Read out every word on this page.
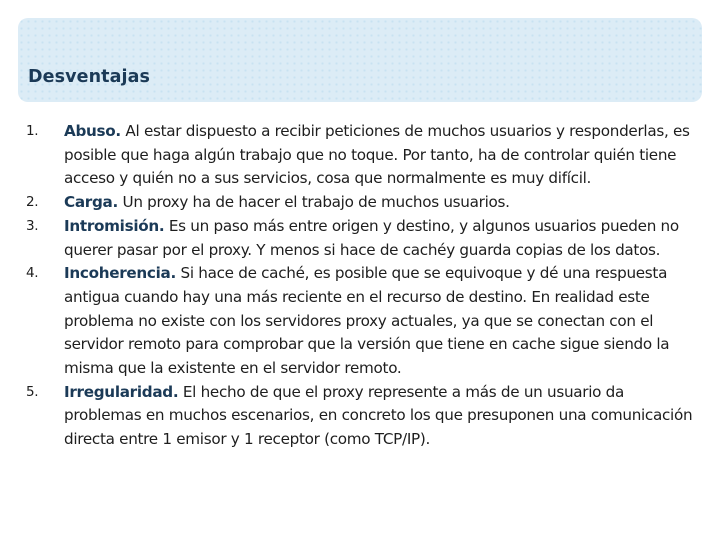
Desventajas
1.	Abuso. Al estar dispuesto a recibir peticiones de muchos usuarios y responderlas, es posible que haga algún trabajo que no toque. Por tanto, ha de controlar quién tiene acceso y quién no a sus servicios, cosa que normalmente es muy difícil.
2.	Carga. Un proxy ha de hacer el trabajo de muchos usuarios.
3.	Intromisión. Es un paso más entre origen y destino, y algunos usuarios pueden no querer pasar por el proxy. Y menos si hace de cachéy guarda copias de los datos.
4.	Incoherencia. Si hace de caché, es posible que se equivoque y dé una respuesta antigua cuando hay una más reciente en el recurso de destino. En realidad este problema no existe con los servidores proxy actuales, ya que se conectan con el servidor remoto para comprobar que la versión que tiene en cache sigue siendo la misma que la existente en el servidor remoto.
5.	Irregularidad. El hecho de que el proxy represente a más de un usuario da problemas en muchos escenarios, en concreto los que presuponen una comunicación directa entre 1 emisor y 1 receptor (como TCP/IP).
